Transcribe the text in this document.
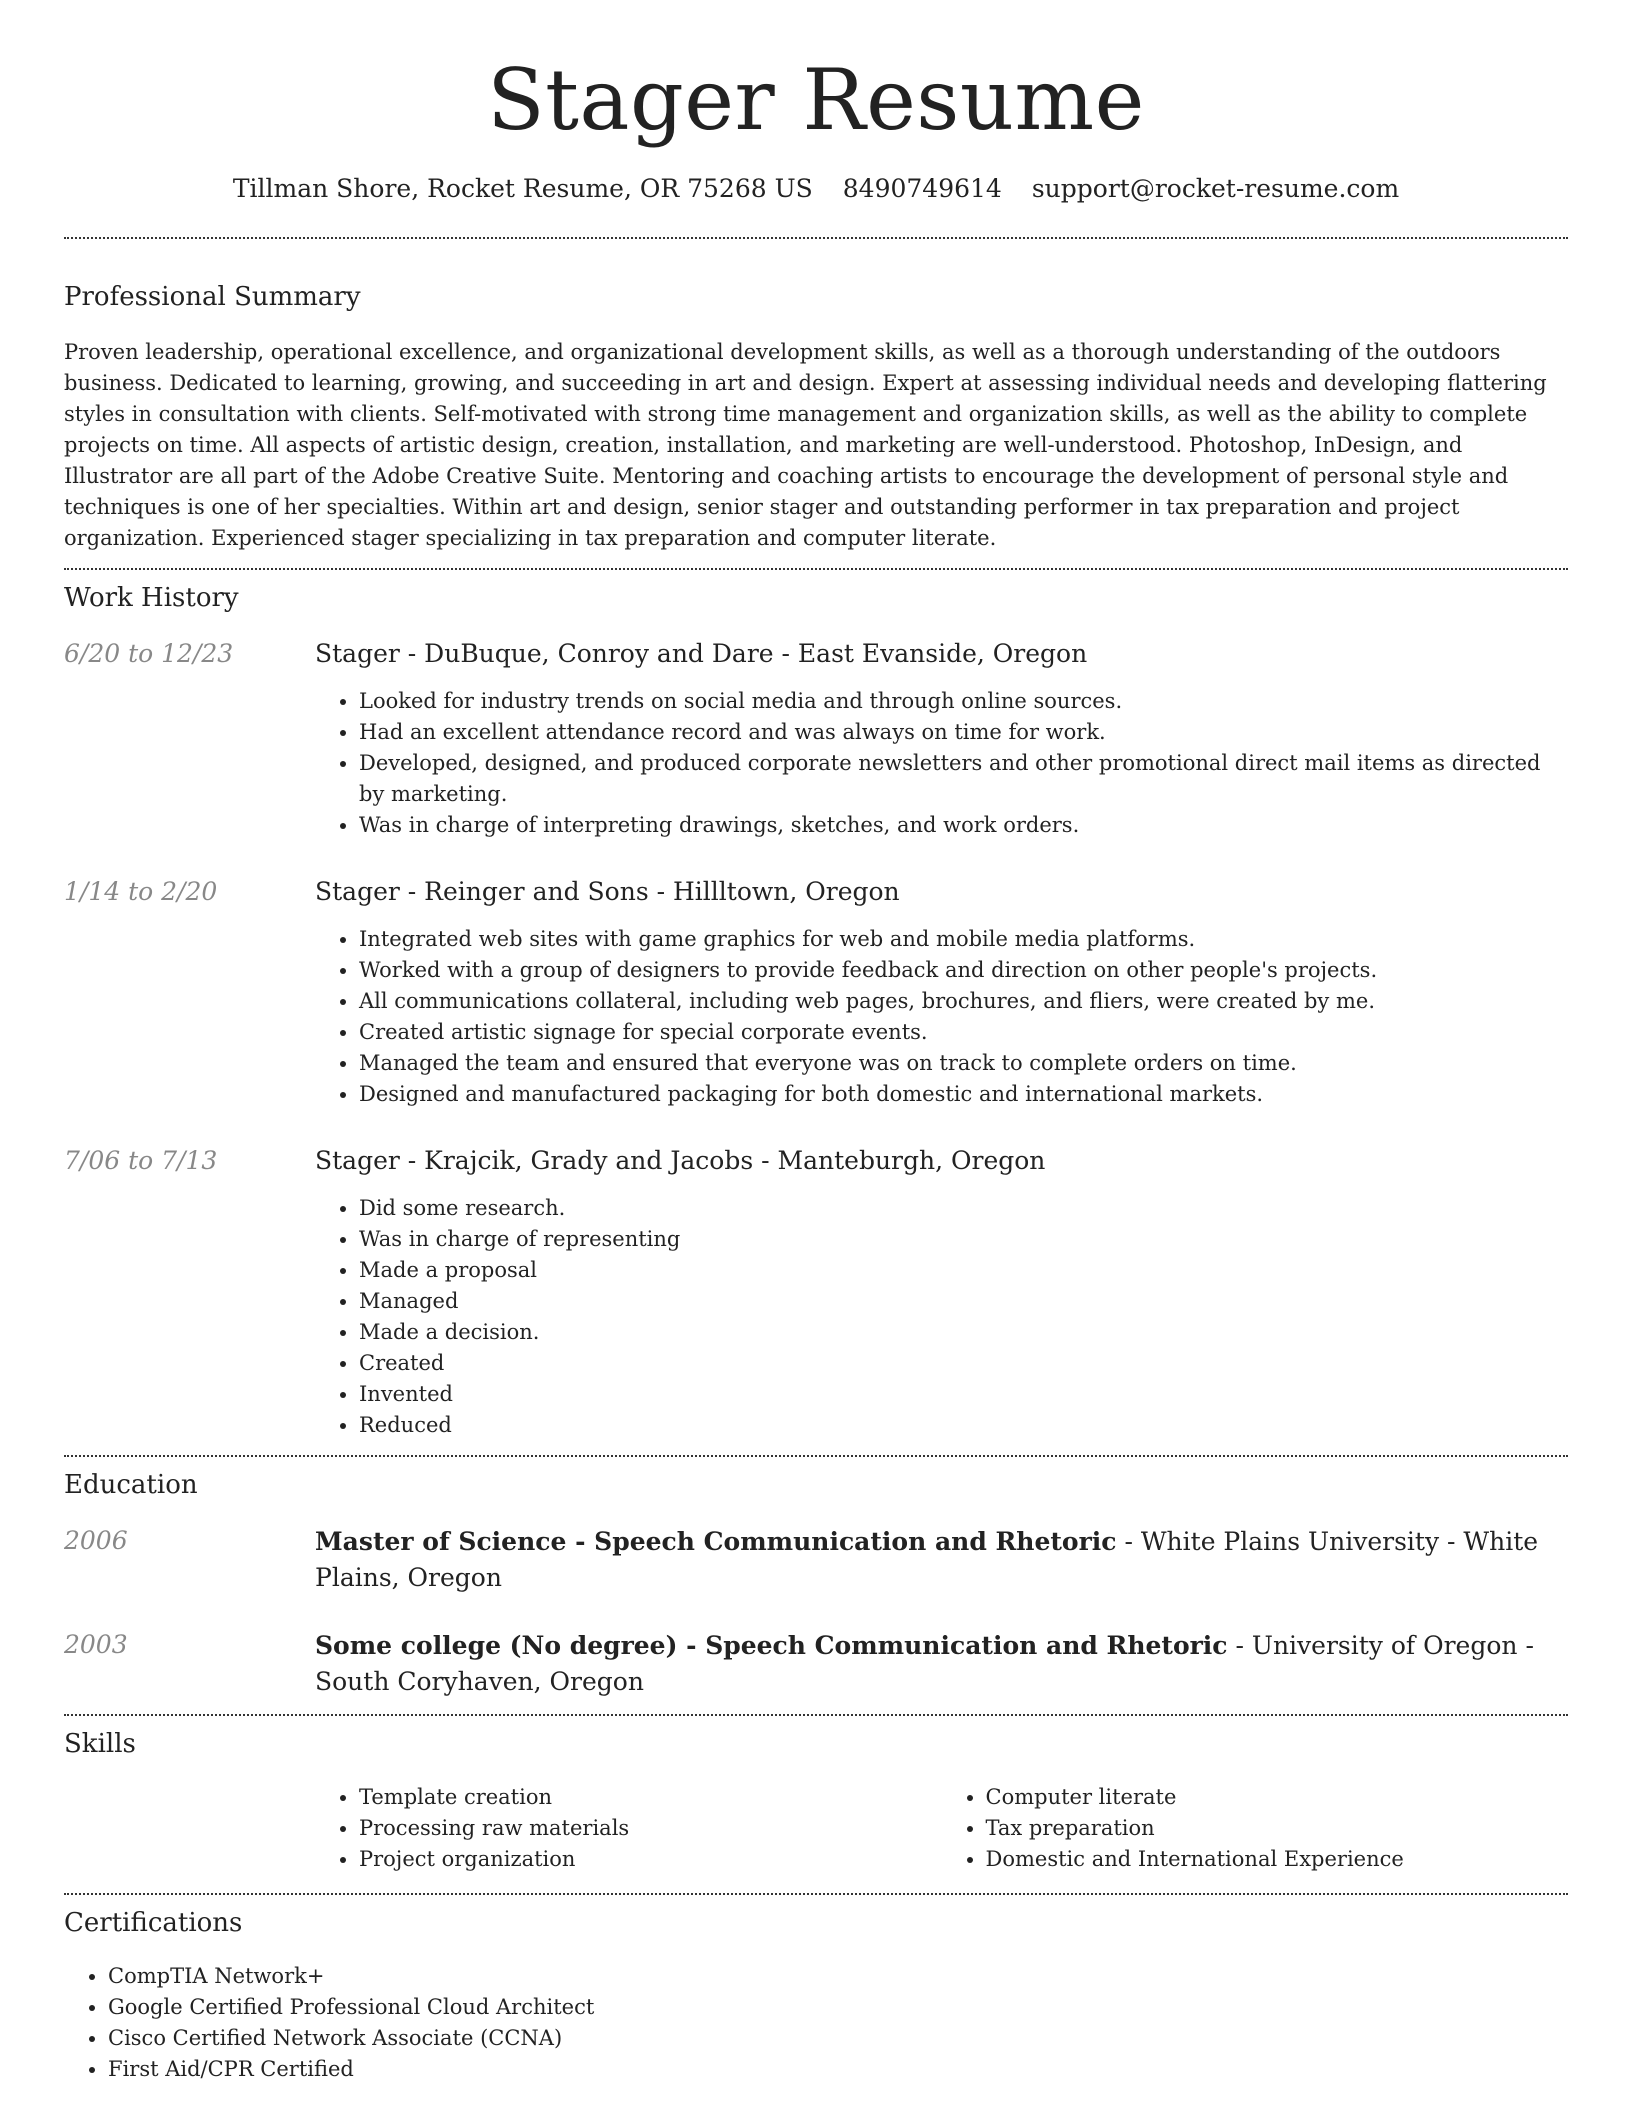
Stager Resume
Tillman Shore, Rocket Resume, OR 75268 US 8490749614 support@rocket-resume.com
Professional Summary

Proven leadership, operational excellence, and organizational development skills, as well as a thorough understanding of the outdoors business. Dedicated to learning, growing, and succeeding in art and design. Expert at assessing individual needs and developing flattering styles in consultation with clients. Self-motivated with strong time management and organization skills, as well as the ability to complete projects on time. All aspects of artistic design, creation, installation, and marketing are well-understood. Photoshop, InDesign, and Illustrator are all part of the Adobe Creative Suite. Mentoring and coaching artists to encourage the development of personal style and techniques is one of her specialties. Within art and design, senior stager and outstanding performer in tax preparation and project organization. Experienced stager specializing in tax preparation and computer literate.

Work History
6/20 to 12/23	Stager - DuBuque, Conroy and Dare - East Evanside, Oregon
• Looked for industry trends on social media and through online sources.
• Had an excellent attendance record and was always on time for work.
• Developed, designed, and produced corporate newsletters and other promotional direct mail items as directed by marketing.
• Was in charge of interpreting drawings, sketches, and work orders.
1/14 to 2/20	Stager - Reinger and Sons - Hillltown, Oregon
• Integrated web sites with game graphics for web and mobile media platforms.
• Worked with a group of designers to provide feedback and direction on other people's projects.
• All communications collateral, including web pages, brochures, and fliers, were created by me.
• Created artistic signage for special corporate events.
• Managed the team and ensured that everyone was on track to complete orders on time.
• Designed and manufactured packaging for both domestic and international markets.
7/06 to 7/13	Stager - Krajcik, Grady and Jacobs - Manteburgh, Oregon
• Did some research.
• Was in charge of representing
• Made a proposal
• Managed
• Made a decision.
• Created
• Invented
• Reduced
Education
2006	Master of Science - Speech Communication and Rhetoric - White Plains University - White Plains, Oregon
2003	Some college (No degree) - Speech Communication and Rhetoric - University of Oregon - South Coryhaven, Oregon
Skills
• Template creation
• Processing raw materials
• Project organization
• Computer literate
• Tax preparation
• Domestic and International Experience
Certifications
• CompTIA Network+
• Google Certified Professional Cloud Architect
• Cisco Certified Network Associate (CCNA)
• First Aid/CPR Certified
